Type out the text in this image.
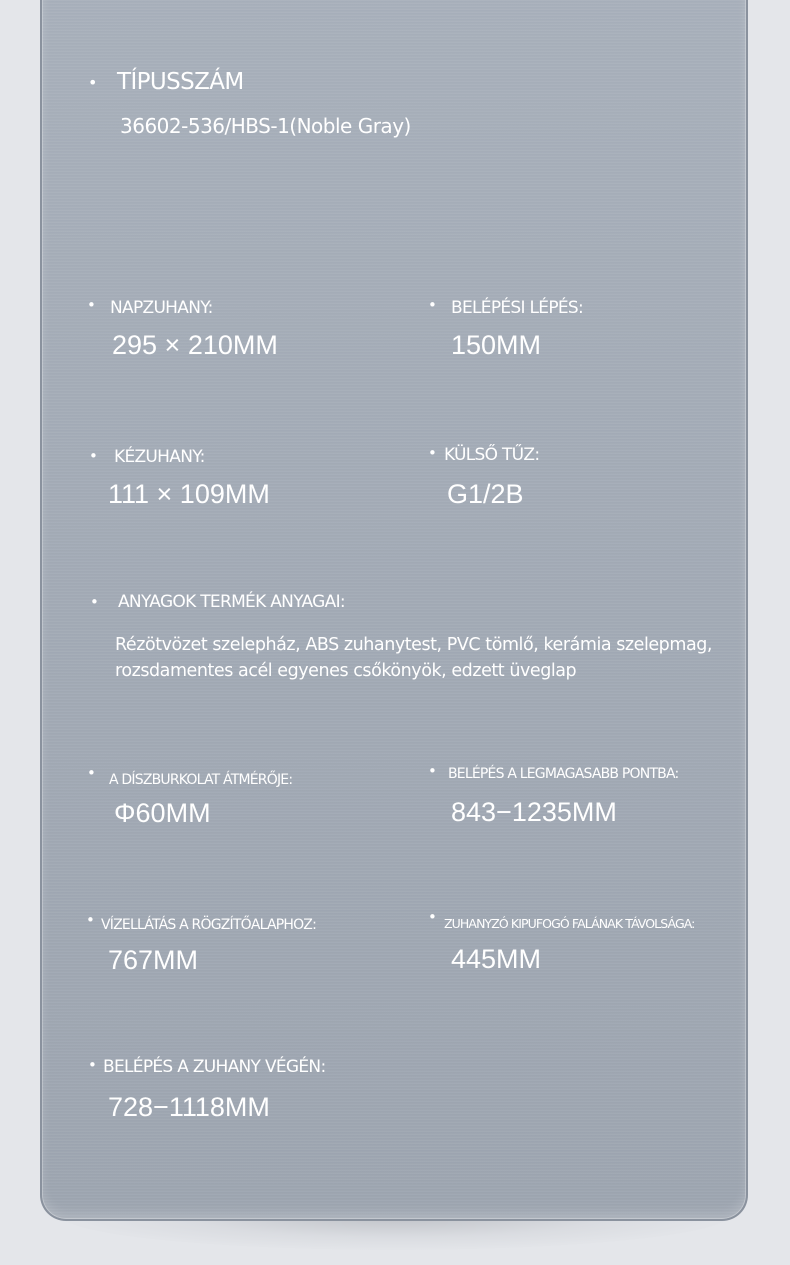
• TÍPUSSZÁM
36602-536/HBS-1(Noble Gray)
• NAPZUHANY:
295 × 210MM
• BELÉPÉSI LÉPÉS:
150MM
• KÉZUHANY:
111 × 109MM
• KÜLSŐ TŰZ:
G1/2B
• ANYAGOK TERMÉK ANYAGAI:
Rézötvözet szelepház, ABS zuhanytest, PVC tömlő, kerámia szelepmag,
rozsdamentes acél egyenes csőkönyök, edzett üveglap
• A DÍSZBURKOLAT ÁTMÉRŐJE:
Φ60MM
• BELÉPÉS A LEGMAGASABB PONTBA:
843−1235MM
• VÍZELLÁTÁS A RÖGZÍTŐALAPHOZ:
767MM
• ZUHANYZÓ KIPUFOGÓ FALÁNAK TÁVOLSÁGA:
445MM
• BELÉPÉS A ZUHANY VÉGÉN:
728−1118MM
